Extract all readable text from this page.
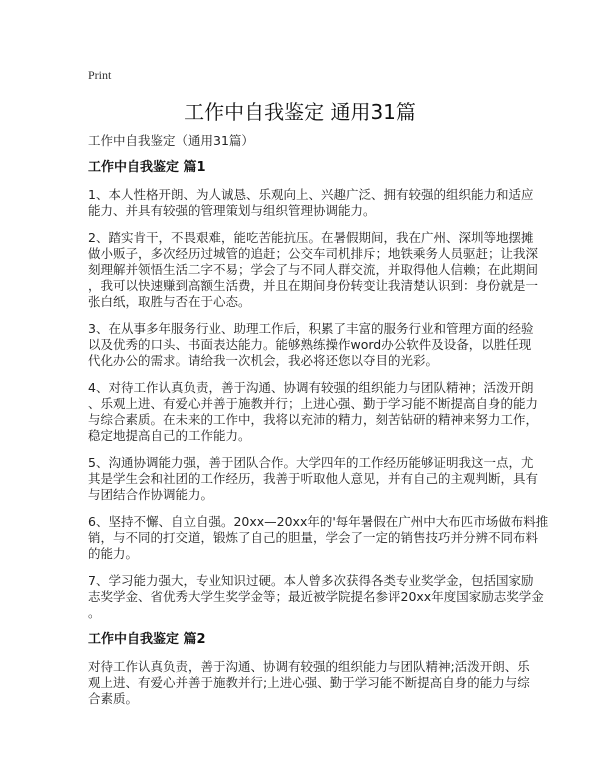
Print
工作中自我鉴定 通用31篇
工作中自我鉴定（通用31篇）
工作中自我鉴定 篇1
1、本人性格开朗、为人诚恳、乐观向上、兴趣广泛、拥有较强的组织能力和适应
能力、并具有较强的管理策划与组织管理协调能力。
2、踏实肯干，不畏艰难，能吃苦能抗压。在暑假期间，我在广州、深圳等地摆摊
做小贩子，多次经历过城管的追赶；公交车司机排斥；地铁乘务人员驱赶；让我深
刻理解并领悟生活二字不易；学会了与不同人群交流，并取得他人信赖；在此期间
，我可以快速赚到高额生活费，并且在期间身份转变让我清楚认识到：身份就是一
张白纸，取胜与否在于心态。
3、在从事多年服务行业、助理工作后，积累了丰富的服务行业和管理方面的经验
以及优秀的口头、书面表达能力。能够熟练操作word办公软件及设备，以胜任现
代化办公的需求。请给我一次机会，我必将还您以夺目的光彩。
4、对待工作认真负责，善于沟通、协调有较强的组织能力与团队精神；活泼开朗
、乐观上进、有爱心并善于施教并行；上进心强、勤于学习能不断提高自身的能力
与综合素质。在未来的工作中，我将以充沛的精力，刻苦钻研的精神来努力工作，
稳定地提高自己的工作能力。
5、沟通协调能力强，善于团队合作。大学四年的工作经历能够证明我这一点，尤
其是学生会和社团的工作经历，我善于听取他人意见，并有自己的主观判断，具有
与团结合作协调能力。
6、坚持不懈、自立自强。20xx—20xx年的'每年暑假在广州中大布匹市场做布料推
销，与不同的打交道，锻炼了自己的胆量，学会了一定的销售技巧并分辨不同布料
的能力。
7、学习能力强大，专业知识过硬。本人曾多次获得各类专业奖学金，包括国家励
志奖学金、省优秀大学生奖学金等；最近被学院提名参评20xx年度国家励志奖学金
。
工作中自我鉴定 篇2
对待工作认真负责，善于沟通、协调有较强的组织能力与团队精神;活泼开朗、乐
观上进、有爱心并善于施教并行;上进心强、勤于学习能不断提高自身的能力与综
合素质。
